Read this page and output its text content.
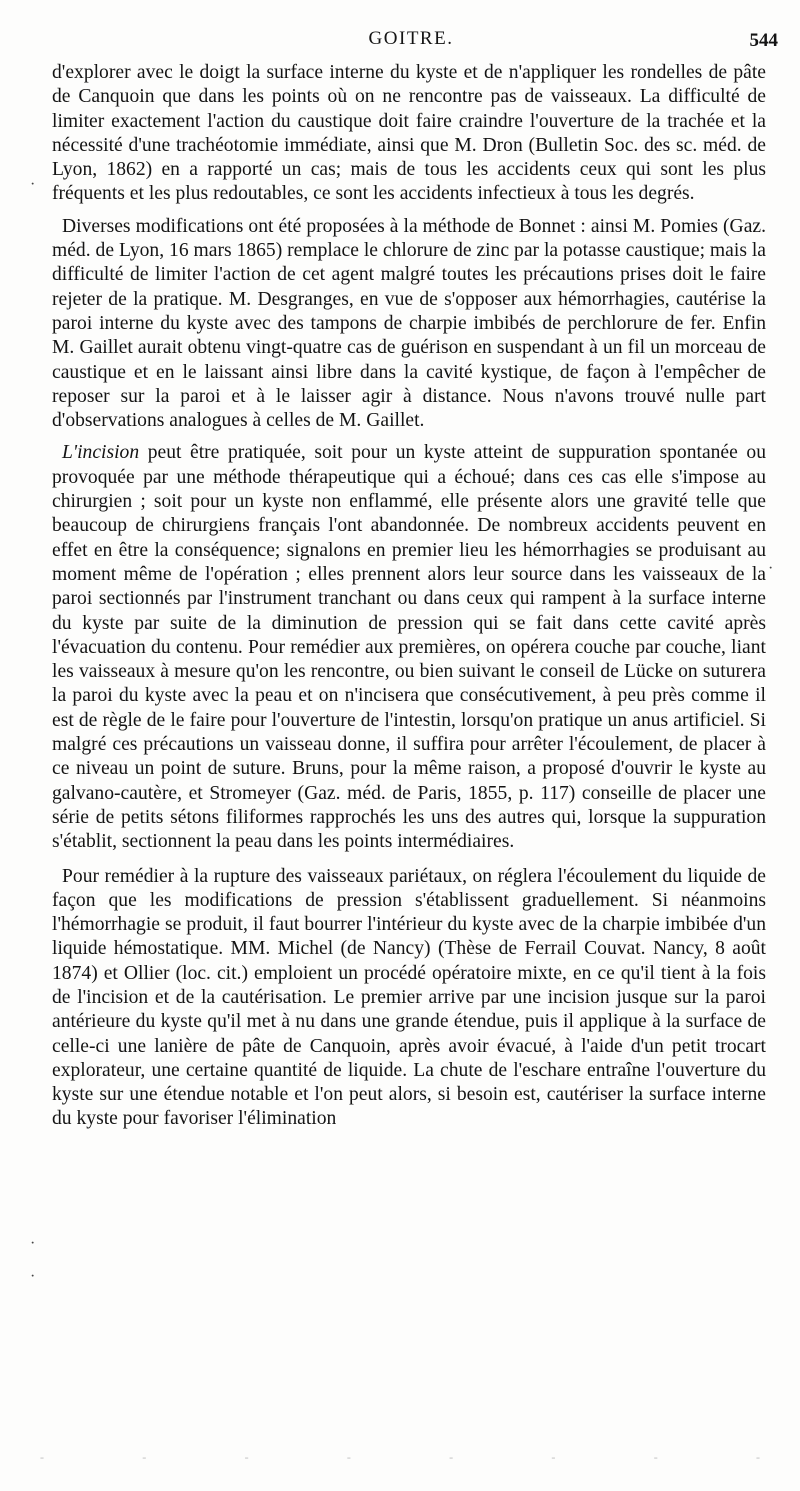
GOITRE.	544

d'explorer avec le doigt la surface interne du kyste et de n'appliquer les rondelles de pâte de Canquoin que dans les points où on ne rencontre pas de vaisseaux. La difficulté de limiter exactement l'action du caustique doit faire craindre l'ouverture de la trachée et la nécessité d'une trachéotomie immédiate, ainsi que M. Dron (Bulletin Soc. des sc. méd. de Lyon, 1862) en a rapporté un cas; mais de tous les accidents ceux qui sont les plus fréquents et les plus redoutables, ce sont les accidents infectieux à tous les degrés.

Diverses modifications ont été proposées à la méthode de Bonnet : ainsi M. Pomies (Gaz. méd. de Lyon, 16 mars 1865) remplace le chlorure de zinc par la potasse caustique; mais la difficulté de limiter l'action de cet agent malgré toutes les précautions prises doit le faire rejeter de la pratique. M. Desgranges, en vue de s'opposer aux hémorrhagies, cautérise la paroi interne du kyste avec des tampons de charpie imbibés de perchlorure de fer. Enfin M. Gaillet aurait obtenu vingt-quatre cas de guérison en suspendant à un fil un morceau de caustique et en le laissant ainsi libre dans la cavité kystique, de façon à l'empêcher de reposer sur la paroi et à le laisser agir à distance. Nous n'avons trouvé nulle part d'observations analogues à celles de M. Gaillet.

L'incision peut être pratiquée, soit pour un kyste atteint de suppuration spontanée ou provoquée par une méthode thérapeutique qui a échoué; dans ces cas elle s'impose au chirurgien ; soit pour un kyste non enflammé, elle présente alors une gravité telle que beaucoup de chirurgiens français l'ont abandonnée. De nombreux accidents peuvent en effet en être la conséquence; signalons en premier lieu les hémorrhagies se produisant au moment même de l'opération ; elles prennent alors leur source dans les vaisseaux de la paroi sectionnés par l'instrument tranchant ou dans ceux qui rampent à la surface interne du kyste par suite de la diminution de pression qui se fait dans cette cavité après l'évacuation du contenu. Pour remédier aux premières, on opérera couche par couche, liant les vaisseaux à mesure qu'on les rencontre, ou bien suivant le conseil de Lücke on suturera la paroi du kyste avec la peau et on n'incisera que consécutivement, à peu près comme il est de règle de le faire pour l'ouverture de l'intestin, lorsqu'on pratique un anus artificiel. Si malgré ces précautions un vaisseau donne, il suffira pour arrêter l'écoulement, de placer à ce niveau un point de suture. Bruns, pour la même raison, a proposé d'ouvrir le kyste au galvano-cautère, et Stromeyer (Gaz. méd. de Paris, 1855, p. 117) conseille de placer une série de petits sétons filiformes rapprochés les uns des autres qui, lorsque la suppuration s'établit, sectionnent la peau dans les points intermédiaires.

Pour remédier à la rupture des vaisseaux pariétaux, on réglera l'écoulement du liquide de façon que les modifications de pression s'établissent graduellement. Si néanmoins l'hémorrhagie se produit, il faut bourrer l'intérieur du kyste avec de la charpie imbibée d'un liquide hémostatique. MM. Michel (de Nancy) (Thèse de Ferrail Couvat. Nancy, 8 août 1874) et Ollier (loc. cit.) emploient un procédé opératoire mixte, en ce qu'il tient à la fois de l'incision et de la cautérisation. Le premier arrive par une incision jusque sur la paroi antérieure du kyste qu'il met à nu dans une grande étendue, puis il applique à la surface de celle-ci une lanière de pâte de Canquoin, après avoir évacué, à l'aide d'un petit trocart explorateur, une certaine quantité de liquide. La chute de l'eschare entraîne l'ouverture du kyste sur une étendue notable et l'on peut alors, si besoin est, cautériser la surface interne du kyste pour favoriser l'élimination

·
·
·
·
-	-	-	-	-	-	-	-
